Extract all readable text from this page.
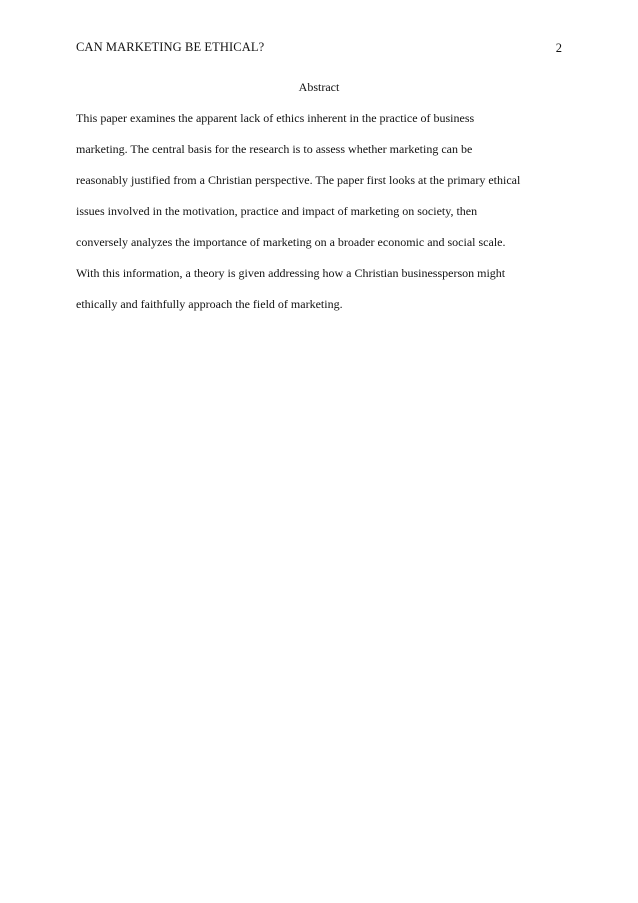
CAN MARKETING BE ETHICAL?	2
Abstract
This paper examines the apparent lack of ethics inherent in the practice of business
marketing. The central basis for the research is to assess whether marketing can be
reasonably justified from a Christian perspective. The paper first looks at the primary ethical
issues involved in the motivation, practice and impact of marketing on society, then
conversely analyzes the importance of marketing on a broader economic and social scale.
With this information, a theory is given addressing how a Christian businessperson might
ethically and faithfully approach the field of marketing.
